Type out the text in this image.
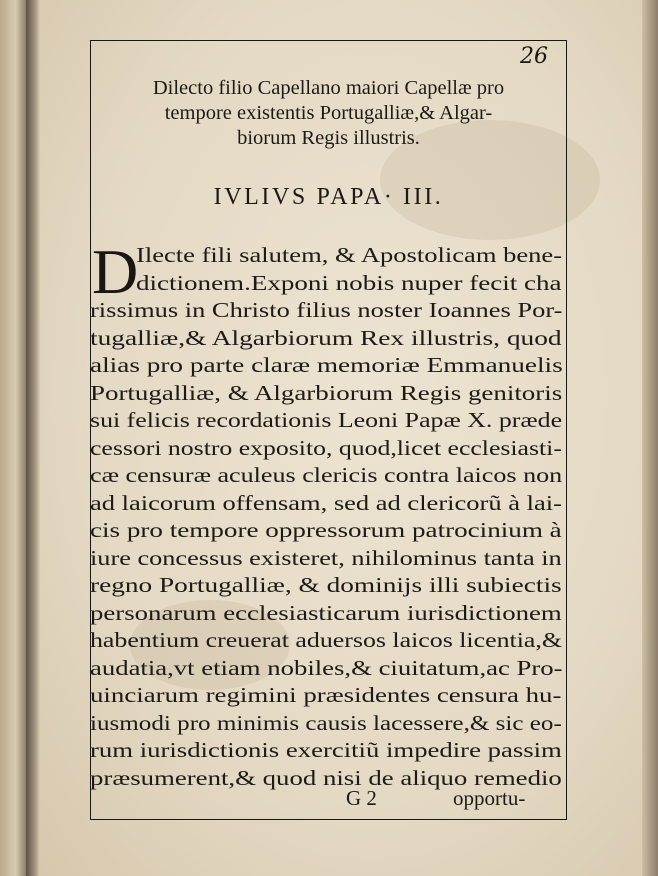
26
Dilecto filio Capellano maiori Capellæ pro
tempore existentis Portugalliæ,& Algar-
biorum Regis illustris.
IVLIVS PAPA· III.
D
Ilecte fili salutem, & Apostolicam bene-
dictionem.Exponi nobis nuper fecit cha
rissimus in Christo filius noster Ioannes Por-
tugalliæ,& Algarbiorum Rex illustris, quod
alias pro parte claræ memoriæ Emmanuelis
Portugalliæ, & Algarbiorum Regis genitoris
sui felicis recordationis Leoni Papæ X. præde
cessori nostro exposito, quod,licet ecclesiasti-
cæ censuræ aculeus clericis contra laicos non
ad laicorum offensam, sed ad clericorũ à lai-
cis pro tempore oppressorum patrocinium à
iure concessus existeret, nihilominus tanta in
regno Portugalliæ, & dominijs illi subiectis
personarum ecclesiasticarum iurisdictionem
habentium creuerat aduersos laicos licentia,&
audatia,vt etiam nobiles,& ciuitatum,ac Pro-
uinciarum regimini præsidentes censura hu-
iusmodi pro minimis causis lacessere,& sic eo-
rum iurisdictionis exercitiũ impedire passim
præsumerent,& quod nisi de aliquo remedio
G 2	opportu-
